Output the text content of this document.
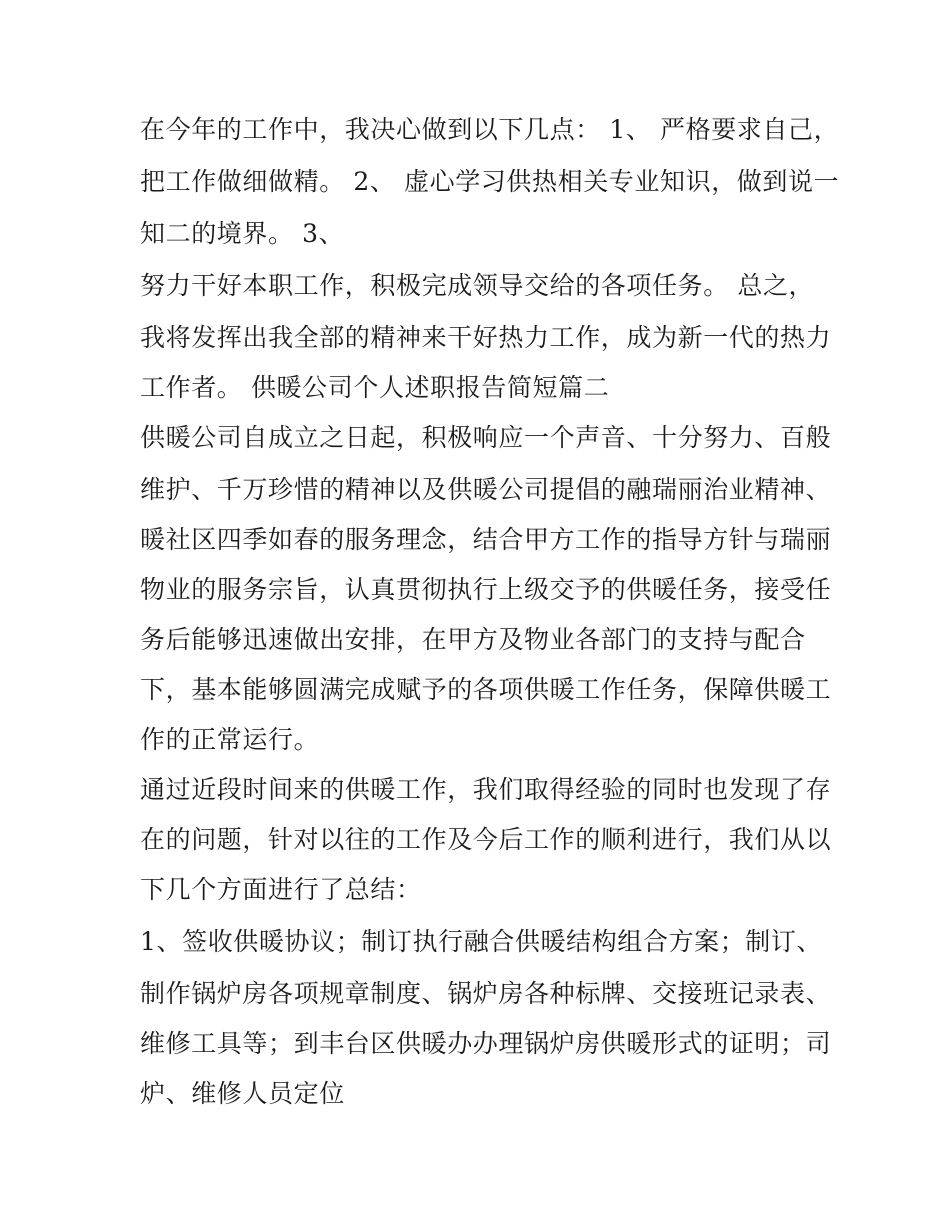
在今年的工作中，我决心做到以下几点： 1、 严格要求自己，
把工作做细做精。 2、 虚心学习供热相关专业知识，做到说一
知二的境界。 3、
努力干好本职工作，积极完成领导交给的各项任务。 总之，
我将发挥出我全部的精神来干好热力工作，成为新一代的热力
工作者。 供暖公司个人述职报告简短篇二
供暖公司自成立之日起，积极响应一个声音、十分努力、百般
维护、千万珍惜的精神以及供暖公司提倡的融瑞丽治业精神、
暖社区四季如春的服务理念，结合甲方工作的指导方针与瑞丽
物业的服务宗旨，认真贯彻执行上级交予的供暖任务，接受任
务后能够迅速做出安排，在甲方及物业各部门的支持与配合
下，基本能够圆满完成赋予的各项供暖工作任务，保障供暖工
作的正常运行。
通过近段时间来的供暖工作，我们取得经验的同时也发现了存
在的问题，针对以往的工作及今后工作的顺利进行，我们从以
下几个方面进行了总结：
1、签收供暖协议；制订执行融合供暖结构组合方案；制订、
制作锅炉房各项规章制度、锅炉房各种标牌、交接班记录表、
维修工具等；到丰台区供暖办办理锅炉房供暖形式的证明；司
炉、维修人员定位
